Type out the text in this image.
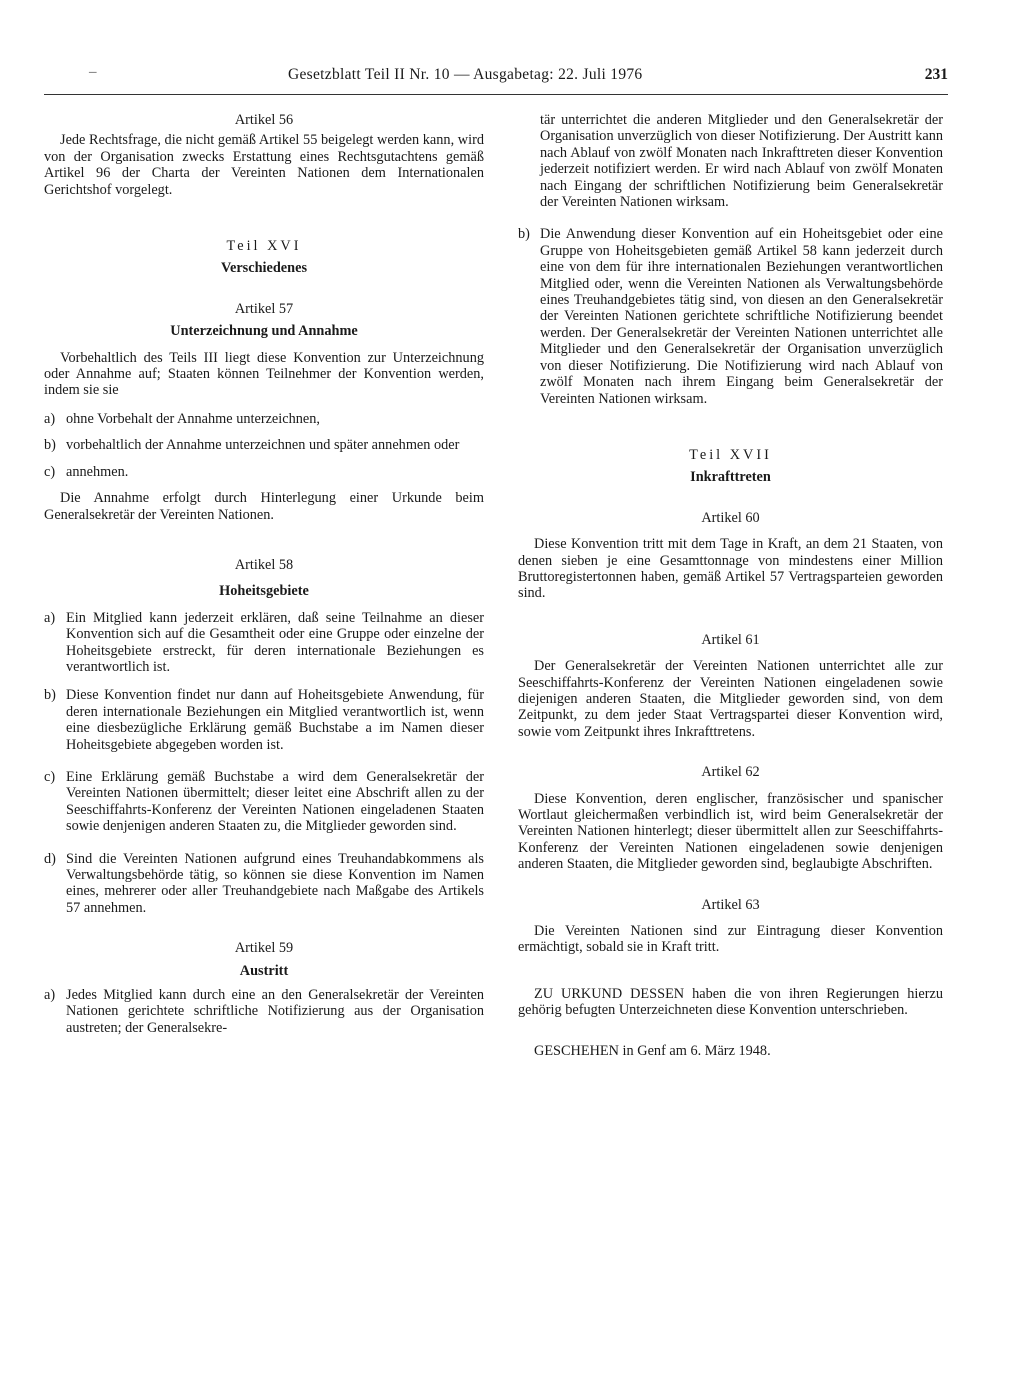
–	Gesetzblatt Teil II Nr. 10 — Ausgabetag: 22. Juli 1976	231
Artikel 56

Jede Rechtsfrage, die nicht gemäß Artikel 55 beigelegt werden kann, wird von der Organisation zwecks Erstattung eines Rechtsgutachtens gemäß Artikel 96 der Charta der Vereinten Nationen dem Internationalen Gerichtshof vorgelegt.

Teil XVI
Verschiedenes
Artikel 57
Unterzeichnung und Annahme

Vorbehaltlich des Teils III liegt diese Konvention zur Unterzeichnung oder Annahme auf; Staaten können Teilnehmer der Konvention werden, indem sie sie

a) ohne Vorbehalt der Annahme unterzeichnen,
b) vorbehaltlich der Annahme unterzeichnen und später annehmen oder
c) annehmen.

Die Annahme erfolgt durch Hinterlegung einer Urkunde beim Generalsekretär der Vereinten Nationen.

Artikel 58
Hoheitsgebiete
a) Ein Mitglied kann jederzeit erklären, daß seine Teilnahme an dieser Konvention sich auf die Gesamtheit oder eine Gruppe oder einzelne der Hoheitsgebiete erstreckt, für deren internationale Beziehungen es verantwortlich ist.
b) Diese Konvention findet nur dann auf Hoheitsgebiete Anwendung, für deren internationale Beziehungen ein Mitglied verantwortlich ist, wenn eine diesbezügliche Erklärung gemäß Buchstabe a im Namen dieser Hoheitsgebiete abgegeben worden ist.
c) Eine Erklärung gemäß Buchstabe a wird dem Generalsekretär der Vereinten Nationen übermittelt; dieser leitet eine Abschrift allen zu der Seeschiffahrts-Konferenz der Vereinten Nationen eingeladenen Staaten sowie denjenigen anderen Staaten zu, die Mitglieder geworden sind.
d) Sind die Vereinten Nationen aufgrund eines Treuhandabkommens als Verwaltungsbehörde tätig, so können sie diese Konvention im Namen eines, mehrerer oder aller Treuhandgebiete nach Maßgabe des Artikels 57 annehmen.
Artikel 59
Austritt
a) Jedes Mitglied kann durch eine an den Generalsekretär der Vereinten Nationen gerichtete schriftliche Notifizierung aus der Organisation austreten; der Generalsekre-
tär unterrichtet die anderen Mitglieder und den Generalsekretär der Organisation unverzüglich von dieser Notifizierung. Der Austritt kann nach Ablauf von zwölf Monaten nach Inkrafttreten dieser Konvention jederzeit notifiziert werden. Er wird nach Ablauf von zwölf Monaten nach Eingang der schriftlichen Notifizierung beim Generalsekretär der Vereinten Nationen wirksam.
b) Die Anwendung dieser Konvention auf ein Hoheitsgebiet oder eine Gruppe von Hoheitsgebieten gemäß Artikel 58 kann jederzeit durch eine von dem für ihre internationalen Beziehungen verantwortlichen Mitglied oder, wenn die Vereinten Nationen als Verwaltungsbehörde eines Treuhandgebietes tätig sind, von diesen an den Generalsekretär der Vereinten Nationen gerichtete schriftliche Notifizierung beendet werden. Der Generalsekretär der Vereinten Nationen unterrichtet alle Mitglieder und den Generalsekretär der Organisation unverzüglich von dieser Notifizierung. Die Notifizierung wird nach Ablauf von zwölf Monaten nach ihrem Eingang beim Generalsekretär der Vereinten Nationen wirksam.
Teil XVII
Inkrafttreten
Artikel 60

Diese Konvention tritt mit dem Tage in Kraft, an dem 21 Staaten, von denen sieben je eine Gesamttonnage von mindestens einer Million Bruttoregistertonnen haben, gemäß Artikel 57 Vertragsparteien geworden sind.

Artikel 61

Der Generalsekretär der Vereinten Nationen unterrichtet alle zur Seeschiffahrts-Konferenz der Vereinten Nationen eingeladenen sowie diejenigen anderen Staaten, die Mitglieder geworden sind, von dem Zeitpunkt, zu dem jeder Staat Vertragspartei dieser Konvention wird, sowie vom Zeitpunkt ihres Inkrafttretens.

Artikel 62

Diese Konvention, deren englischer, französischer und spanischer Wortlaut gleichermaßen verbindlich ist, wird beim Generalsekretär der Vereinten Nationen hinterlegt; dieser übermittelt allen zur Seeschiffahrts-Konferenz der Vereinten Nationen eingeladenen sowie denjenigen anderen Staaten, die Mitglieder geworden sind, beglaubigte Abschriften.

Artikel 63

Die Vereinten Nationen sind zur Eintragung dieser Konvention ermächtigt, sobald sie in Kraft tritt.

ZU URKUND DESSEN haben die von ihren Regierungen hierzu gehörig befugten Unterzeichneten diese Konvention unterschrieben.

GESCHEHEN in Genf am 6. März 1948.
